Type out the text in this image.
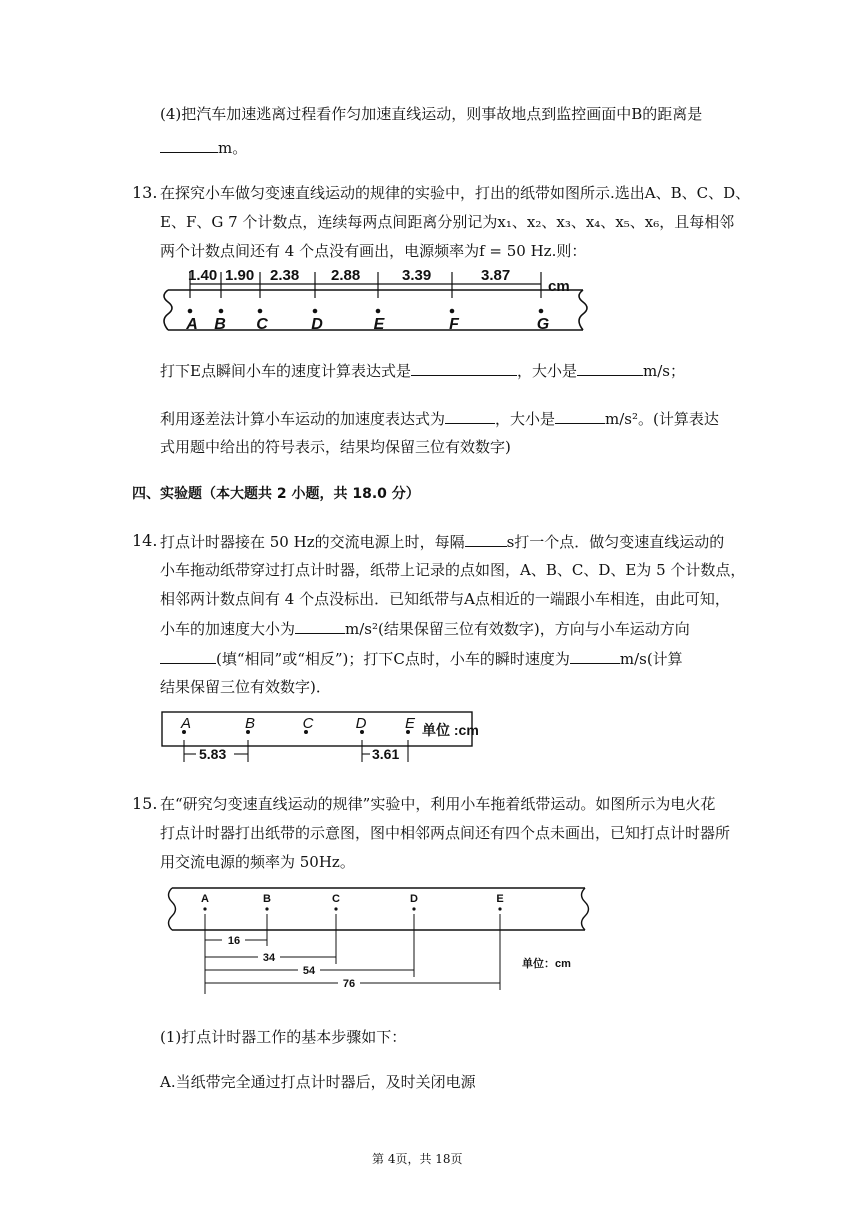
(4)把汽车加速逃离过程看作匀加速直线运动，则事故地点到监控画面中B的距离是
m。
13. 在探究小车做匀变速直线运动的规律的实验中，打出的纸带如图所示.选出A、B、C、D、
E、F、G 7 个计数点，连续每两点间距离分别记为x₁、x₂、x₃、x₄、x₅、x₆，且每相邻
两个计数点间还有 4 个点没有画出，电源频率为f = 50 Hz.则：
1.40 1.90 2.38 2.88	3.39	3.87
cm
A B C	D	E	F	G
打下E点瞬间小车的速度计算表达式是	，大小是	m/s；
利用逐差法计算小车运动的加速度表达式为	，大小是	m/s²。(计算表达
式用题中给出的符号表示，结果均保留三位有效数字)
四、实验题（本大题共 2 小题，共 18.0 分）
14. 打点计时器接在 50 Hz的交流电源上时，每隔	s打一个点．做匀变速直线运动的
小车拖动纸带穿过打点计时器，纸带上记录的点如图，A、B、C、D、E为 5 个计数点，
相邻两计数点间有 4 个点没标出．已知纸带与A点相近的一端跟小车相连，由此可知，
小车的加速度大小为	m/s²(结果保留三位有效数字)，方向与小车运动方向
(填“相同”或“相反”)；打下C点时，小车的瞬时速度为	m/s(计算
结果保留三位有效数字)．
A	B	C	D	E 单位 :cm
5.83	3.61
15. 在“研究匀变速直线运动的规律”实验中，利用小车拖着纸带运动。如图所示为电火花
打点计时器打出纸带的示意图，图中相邻两点间还有四个点未画出，已知打点计时器所
用交流电源的频率为 50Hz。
A	B	C	D	E
16
34
54
76
单位：cm
(1)打点计时器工作的基本步骤如下：
A.当纸带完全通过打点计时器后，及时关闭电源
第 4页，共 18页
